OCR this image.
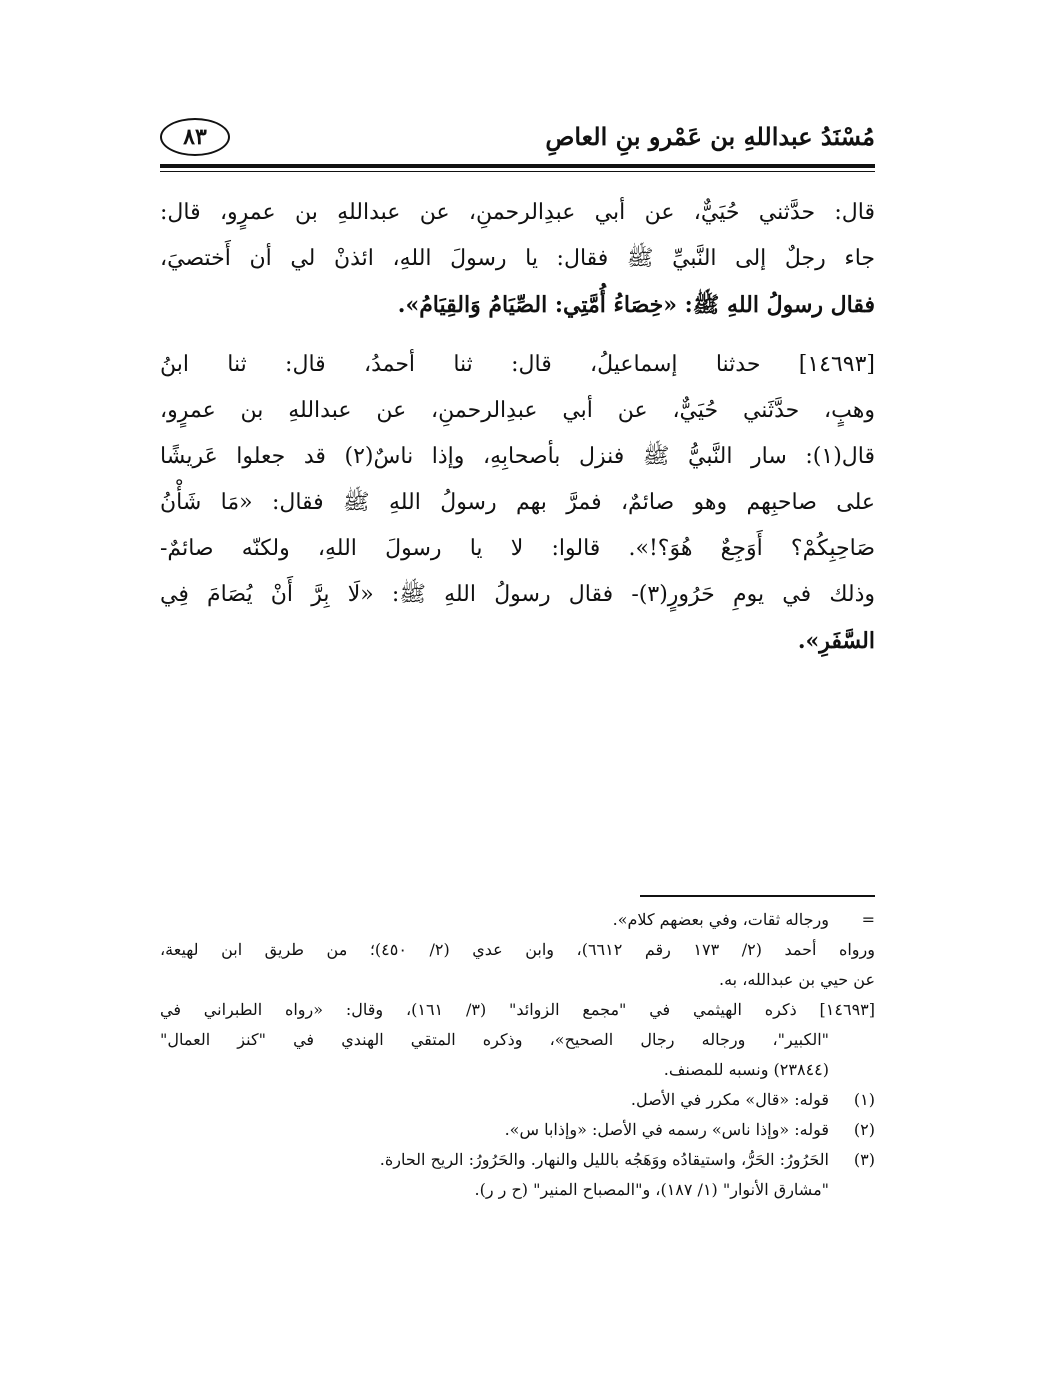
مُسْنَدُ عبداللهِ بن عَمْرو بنِ العاصِ
٨٣
قال: حدَّثني حُيَيٌّ، عن أبي عبدِالرحمنِ، عن عبداللهِ بن عمرٍو، قال:
جاء رجلٌ إلى النَّبيِّ ﷺ فقال: يا رسولَ اللهِ، ائذنْ لي أن أَختصيَ،
فقال رسولُ اللهِ ﷺ: «خِصَاءُ أُمَّتِي: الصِّيَامُ وَالقِيَامُ».
[١٤٦٩٣] حدثنا إسماعيلُ، قال: ثنا أحمدُ، قال: ثنا ابنُ
وهبٍ، حدَّثَني حُيَيٌّ، عن أبي عبدِالرحمنِ، عن عبداللهِ بن عمرٍو،
قال(١): سار النَّبيُّ ﷺ فنزل بأصحابِهِ، وإذا ناسٌ(٢) قد جعلوا عَريشًا
على صاحبِهم وهو صائمٌ، فمرَّ بهم رسولُ اللهِ ﷺ فقال: «مَا شَأْنُ
صَاحِبِكُمْ؟ أَوَجِعٌ هُوَ؟!». قالوا: لا يا رسولَ اللهِ، ولكنّه صائمٌ-
وذلك في يومِ حَرُورٍ(٣)- فقال رسولُ اللهِ ﷺ: «لَا بِرَّ أَنْ يُصَامَ فِي
السَّفَرِ».
=
ورجاله ثقات، وفي بعضهم كلام».
ورواه أحمد (٢/ ١٧٣ رقم ٦٦١٢)، وابن عدي (٢/ ٤٥٠)؛ من طريق ابن لهيعة،
عن حيي بن عبدالله، به.
[١٤٦٩٣] ذكره الهيثمي في "مجمع الزوائد" (٣/ ١٦١)، وقال: «رواه الطبراني في
"الكبير"، ورجاله رجال الصحيح»، وذكره المتقي الهندي في "كنز العمال"
(٢٣٨٤٤) ونسبه للمصنف.
(١)
قوله: «قال» مكرر في الأصل.
(٢)
قوله: «وإذا ناس» رسمه في الأصل: «وإذابا س».
(٣)
الحَرُورُ: الحَرُّ، واستيقادُه ووَهَجُه بالليل والنهار. والحَرُورُ: الريح الحارة.
"مشارق الأنوار" (١/ ١٨٧)، و"المصباح المنير" (ح ر ر).
